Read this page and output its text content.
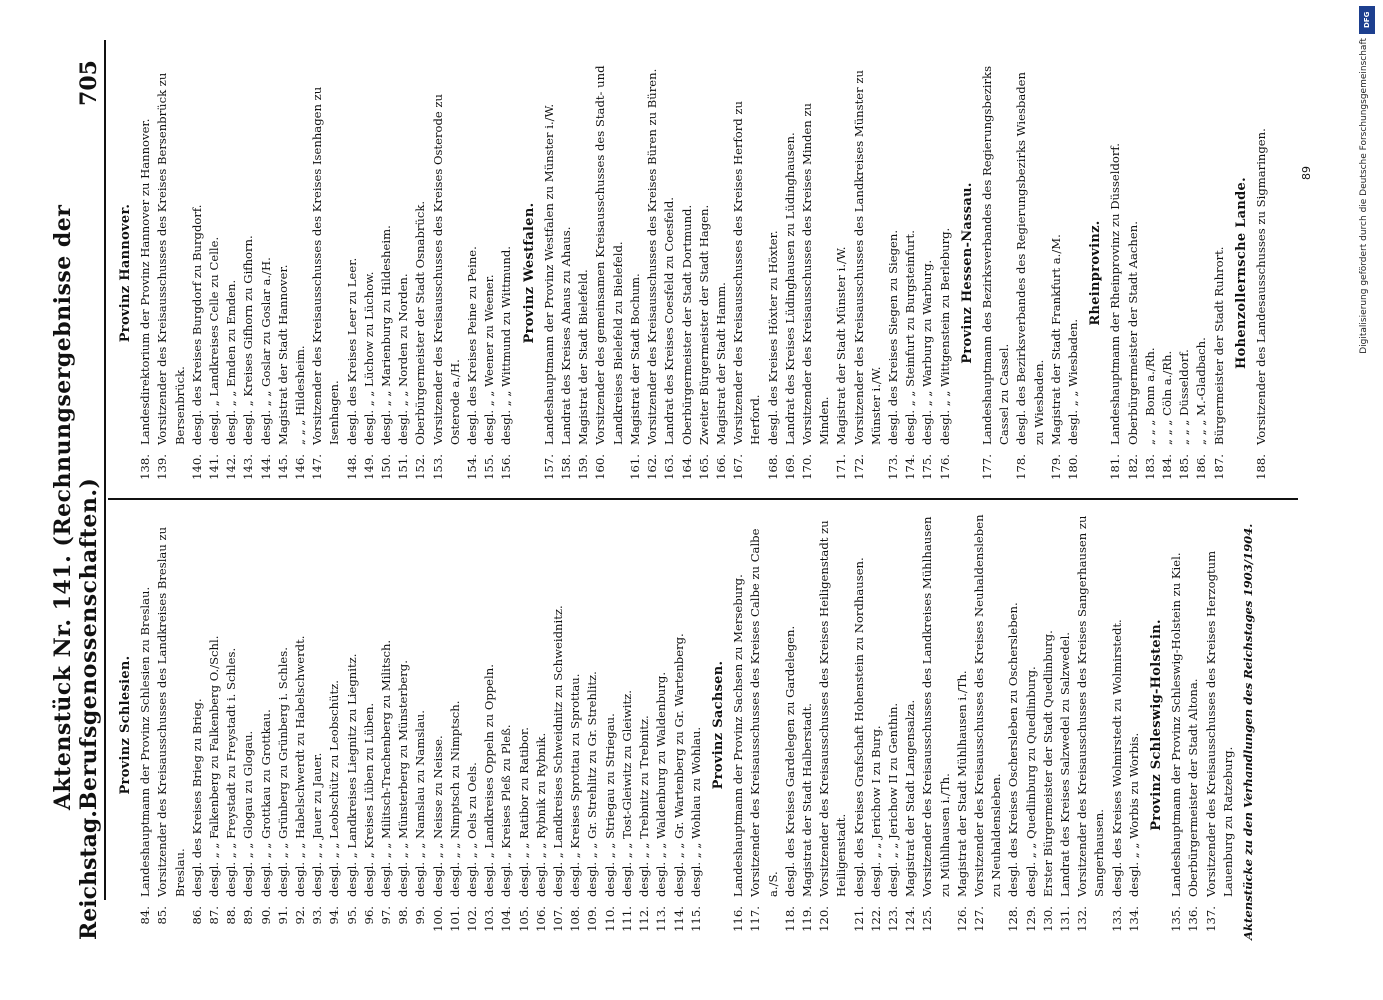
Reichstag.
Aktenstück Nr. 141. (Rechnungsergebnisse der Berufsgenossenschaften.)
705
Provinz Schlesien.
84.
Landeshauptmann der Provinz Schlesien zu Breslau.
85.
Vorsitzender des Kreisausschusses des Landkreises Breslau zu Breslau.
86.
desgl. des Kreises Brieg zu Brieg.
87.
desgl. „ „ Falkenberg zu Falkenberg O./Schl.
88.
desgl. „ „ Freystadt zu Freystadt i. Schles.
89.
desgl. „ „ Glogau zu Glogau.
90.
desgl. „ „ Grottkau zu Grottkau.
91.
desgl. „ „ Grünberg zu Grünberg i. Schles.
92.
desgl. „ „ Habelschwerdt zu Habelschwerdt.
93.
desgl. „ „ Jauer zu Jauer.
94.
desgl. „ „ Leobschütz zu Leobschütz.
95.
desgl. „ Landkreises Liegnitz zu Liegnitz.
96.
desgl. „ Kreises Lüben zu Lüben.
97.
desgl. „ „ Militsch-Trachenberg zu Militsch.
98.
desgl. „ „ Münsterberg zu Münsterberg.
99.
desgl. „ „ Namslau zu Namslau.
100.
desgl. „ „ Neisse zu Neisse.
101.
desgl. „ „ Nimptsch zu Nimptsch.
102.
desgl. „ „ Oels zu Oels.
103.
desgl. „ Landkreises Oppeln zu Oppeln.
104.
desgl. „ Kreises Pleß zu Pleß.
105.
desgl. „ „ Ratibor zu Ratibor.
106.
desgl. „ „ Rybnik zu Rybnik.
107.
desgl. „ Landkreises Schweidnitz zu Schweidnitz.
108.
desgl. „ Kreises Sprottau zu Sprottau.
109.
desgl. „ „ Gr. Strehlitz zu Gr. Strehlitz.
110.
desgl. „ „ Striegau zu Striegau.
111.
desgl. „ „ Tost-Gleiwitz zu Gleiwitz.
112.
desgl. „ „ Trebnitz zu Trebnitz.
113.
desgl. „ „ Waldenburg zu Waldenburg.
114.
desgl. „ „ Gr. Wartenberg zu Gr. Wartenberg.
115.
desgl. „ „ Wohlau zu Wohlau.
Provinz Sachsen.
116.
Landeshauptmann der Provinz Sachsen zu Merseburg.
117.
Vorsitzender des Kreisausschusses des Kreises Calbe zu Calbe a./S.
118.
desgl. des Kreises Gardelegen zu Gardelegen.
119.
Magistrat der Stadt Halberstadt.
120.
Vorsitzender des Kreisausschusses des Kreises Heiligenstadt zu Heiligenstadt.
121.
desgl. des Kreises Grafschaft Hohenstein zu Nordhausen.
122.
desgl. „ „ Jerichow I zu Burg.
123.
desgl. „ „ Jerichow II zu Genthin.
124.
Magistrat der Stadt Langensalza.
125.
Vorsitzender des Kreisausschusses des Landkreises Mühlhausen zu Mühlhausen i./Th.
126.
Magistrat der Stadt Mühlhausen i./Th.
127.
Vorsitzender des Kreisausschusses des Kreises Neuhaldensleben zu Neuhaldensleben.
128.
desgl. des Kreises Oschersleben zu Oschersleben.
129.
desgl. „ „ Quedlinburg zu Quedlinburg.
130.
Erster Bürgermeister der Stadt Quedlinburg.
131.
Landrat des Kreises Salzwedel zu Salzwedel.
132.
Vorsitzender des Kreisausschusses des Kreises Sangerhausen zu Sangerhausen.
133.
desgl. des Kreises Wolmirstedt zu Wolmirstedt.
134.
desgl. „ „ Worbis zu Worbis. Provinz Schleswig-Holstein.
135.
Landeshauptmann der Provinz Schleswig-Holstein zu Kiel.
136.
Oberbürgermeister der Stadt Altona.
137.
Vorsitzender des Kreisausschusses des Kreises Herzogtum Lauenburg zu Ratzeburg. Aktenstücke zu den Verhandlungen des Reichstages 1903/1904.
Provinz Hannover.
138.
Landesdirektorium der Provinz Hannover zu Hannover.
139.
Vorsitzender des Kreisausschusses des Kreises Bersenbrück zu Bersenbrück.
140.
desgl. des Kreises Burgdorf zu Burgdorf.
141.
desgl. „ Landkreises Celle zu Celle.
142.
desgl. „ „ Emden zu Emden.
143.
desgl. „ Kreises Gifhorn zu Gifhorn.
144.
desgl. „ „ Goslar zu Goslar a./H.
145.
Magistrat der Stadt Hannover.
146.
„ „ „ Hildesheim.
147.
Vorsitzender des Kreisausschusses des Kreises Isenhagen zu Isenhagen.
148.
desgl. des Kreises Leer zu Leer.
149.
desgl. „ „ Lüchow zu Lüchow.
150.
desgl. „ „ Marienburg zu Hildesheim.
151.
desgl. „ „ Norden zu Norden.
152.
Oberbürgermeister der Stadt Osnabrück.
153.
Vorsitzender des Kreisausschusses des Kreises Osterode zu Osterode a./H.
154.
desgl. des Kreises Peine zu Peine.
155.
desgl. „ „ Weener zu Weener.
156.
desgl. „ „ Wittmund zu Wittmund. Provinz Westfalen.
157.
Landeshauptmann der Provinz Westfalen zu Münster i./W.
158.
Landrat des Kreises Ahaus zu Ahaus.
159.
Magistrat der Stadt Bielefeld.
160.
Vorsitzender des gemeinsamen Kreisausschusses des Stadt- und Landkreises Bielefeld zu Bielefeld.
161.
Magistrat der Stadt Bochum.
162.
Vorsitzender des Kreisausschusses des Kreises Büren zu Büren.
163.
Landrat des Kreises Coesfeld zu Coesfeld.
164.
Oberbürgermeister der Stadt Dortmund.
165.
Zweiter Bürgermeister der Stadt Hagen.
166.
Magistrat der Stadt Hamm.
167.
Vorsitzender des Kreisausschusses des Kreises Herford zu Herford.
168.
desgl. des Kreises Höxter zu Höxter.
169.
Landrat des Kreises Lüdinghausen zu Lüdinghausen.
170.
Vorsitzender des Kreisausschusses des Kreises Minden zu Minden.
171.
Magistrat der Stadt Münster i./W.
172.
Vorsitzender des Kreisausschusses des Landkreises Münster zu Münster i./W.
173.
desgl. des Kreises Siegen zu Siegen.
174.
desgl. „ „ Steinfurt zu Burgsteinfurt.
175.
desgl. „ „ Warburg zu Warburg.
176.
desgl. „ „ Wittgenstein zu Berleburg. Provinz Hessen-Nassau.
177.
Landeshauptmann des Bezirksverbandes des Regierungsbezirks Cassel zu Cassel.
178.
desgl. des Bezirksverbandes des Regierungsbezirks Wiesbaden zu Wiesbaden.
179.
Magistrat der Stadt Frankfurt a./M.
180.
desgl. „ „ Wiesbaden.
Rheinprovinz.
181.
Landeshauptmann der Rheinprovinz zu Düsseldorf.
182.
Oberbürgermeister der Stadt Aachen.
183.
„ „ „ Bonn a./Rh.
184.
„ „ „ Cöln a./Rh.
185.
„ „ „ Düsseldorf.
186.
„ „ „ M.-Gladbach.
187.
Bürgermeister der Stadt Ruhrort. Hohenzollernsche Lande.
188.
Vorsitzender des Landesausschusses zu Sigmaringen.	89
DFG
Digitalisierung gefördert durch die Deutsche Forschungsgemeinschaft
